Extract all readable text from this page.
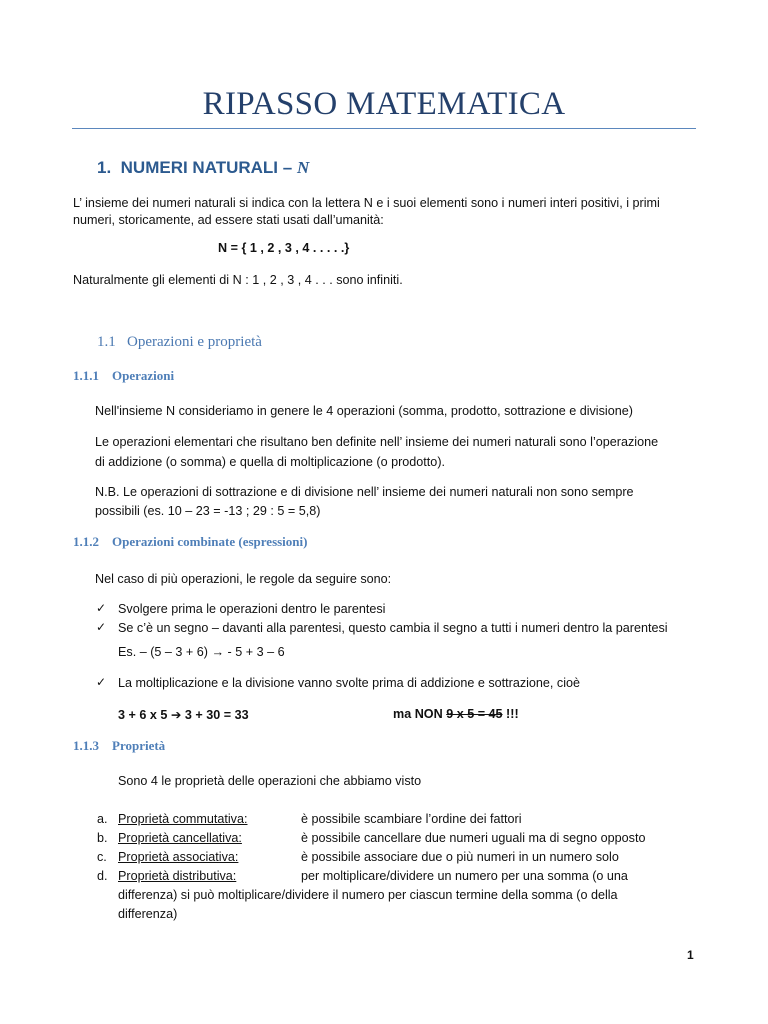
RIPASSO MATEMATICA
1. NUMERI NATURALI – N
L’ insieme dei numeri naturali si indica con la lettera N e i suoi elementi sono i numeri interi positivi, i primi
numeri, storicamente, ad essere stati usati dall’umanità:
N = { 1 , 2 , 3 , 4 . . . . .}
Naturalmente gli elementi di N : 1 , 2 , 3 , 4 . . . sono infiniti.
1.1 Operazioni e proprietà
1.1.1 Operazioni
Nell'insieme N consideriamo in genere le 4 operazioni (somma, prodotto, sottrazione e divisione)
Le operazioni elementari che risultano ben definite nell’ insieme dei numeri naturali sono l’operazione
di addizione (o somma) e quella di moltiplicazione (o prodotto).
N.B. Le operazioni di sottrazione e di divisione nell’ insieme dei numeri naturali non sono sempre
possibili (es. 10 – 23 = -13 ; 29 : 5 = 5,8)
1.1.2 Operazioni combinate (espressioni)
Nel caso di più operazioni, le regole da seguire sono:
✓ Svolgere prima le operazioni dentro le parentesi
✓ Se c’è un segno – davanti alla parentesi, questo cambia il segno a tutti i numeri dentro la parentesi
Es. – (5 – 3 + 6) → - 5 + 3 – 6
✓ La moltiplicazione e la divisione vanno svolte prima di addizione e sottrazione, cioè
3 + 6 x 5 ➔ 3 + 30 = 33	ma NON 9 x 5 = 45 !!!
1.1.3 Proprietà
Sono 4 le proprietà delle operazioni che abbiamo visto
a. Proprietà commutativa:	è possibile scambiare l’ordine dei fattori
b. Proprietà cancellativa:	è possibile cancellare due numeri uguali ma di segno opposto
c. Proprietà associativa:	è possibile associare due o più numeri in un numero solo
d. Proprietà distributiva:	per moltiplicare/dividere un numero per una somma (o una
differenza) si può moltiplicare/dividere il numero per ciascun termine della somma (o della
differenza)
1
